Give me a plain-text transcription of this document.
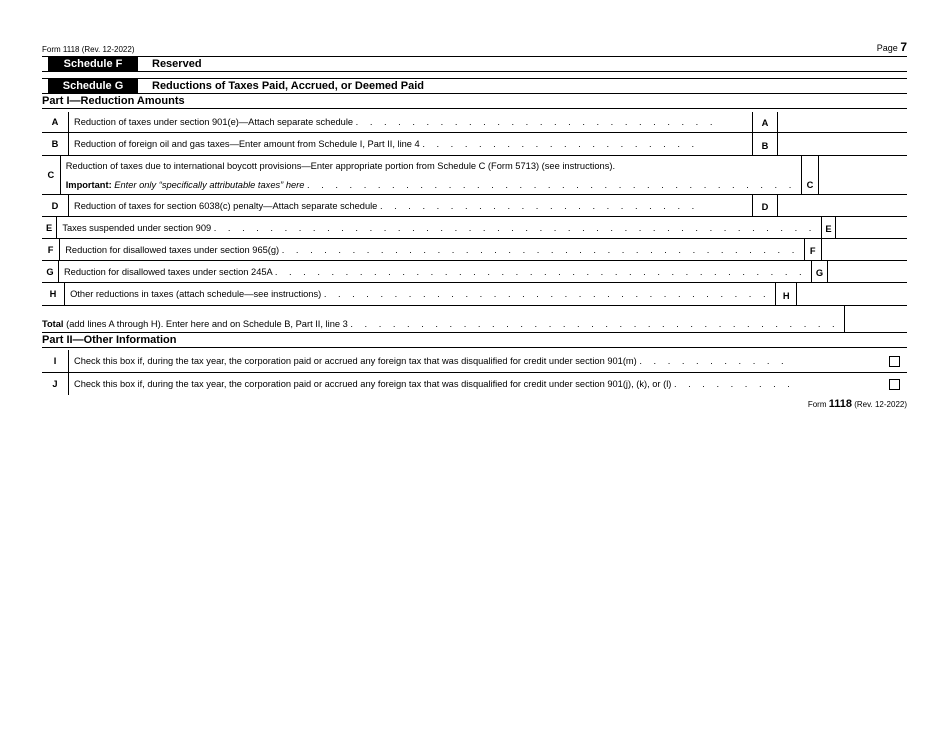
Form 1118 (Rev. 12-2022)	Page 7
Schedule F	Reserved
Schedule G	Reductions of Taxes Paid, Accrued, or Deemed Paid
Part I—Reduction Amounts
A	Reduction of taxes under section 901(e)—Attach separate schedule . . . . . . . . . . . . . . . . . . . . . . . . . .	A
B	Reduction of foreign oil and gas taxes—Enter amount from Schedule I, Part II, line 4 . . . . . . . . . . . . . . . . . . . .	B
C
Reduction of taxes due to international boycott provisions—Enter appropriate portion from Schedule C (Form 5713) (see instructions).
Important: Enter only “specifically attributable taxes” here . . . . . . . . . . . . . . . . . . . . . . . . . . . . . . . . . . .	C
D	Reduction of taxes for section 6038(c) penalty—Attach separate schedule . . . . . . . . . . . . . . . . . . . . . . .	D
E	Taxes suspended under section 909 . . . . . . . . . . . . . . . . . . . . . . . . . . . . . . . . . . . . . . . . . . .	E
F	Reduction for disallowed taxes under section 965(g) . . . . . . . . . . . . . . . . . . . . . . . . . . . . . . . . . . . . .	F
G	Reduction for disallowed taxes under section 245A . . . . . . . . . . . . . . . . . . . . . . . . . . . . . . . . . . . . . .	G
H	Other reductions in taxes (attach schedule—see instructions) . . . . . . . . . . . . . . . . . . . . . . . . . . . . . . . .	H
Total (add lines A through H). Enter here and on Schedule B, Part II, line 3 . . . . . . . . . . . . . . . . . . . . . . . . . . . . . . . . . . .
Part II—Other Information
I	Check this box if, during the tax year, the corporation paid or accrued any foreign tax that was disqualified for credit under section 901(m) . . . . . . . . . . .
J	Check this box if, during the tax year, the corporation paid or accrued any foreign tax that was disqualified for credit under section 901(j), (k), or (l) . . . . . . . . .
Form 1118 (Rev. 12-2022)
